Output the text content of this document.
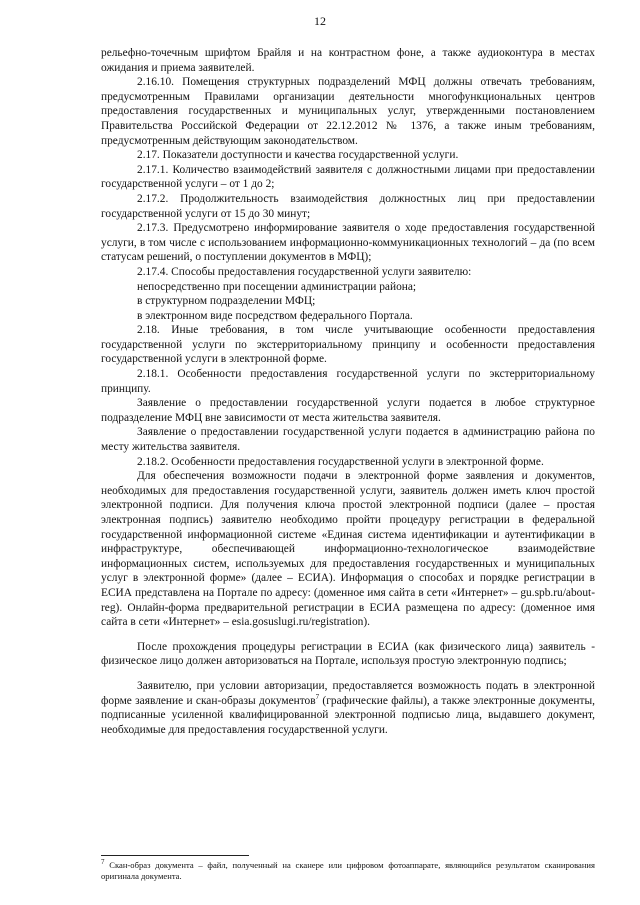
12

рельефно-точечным шрифтом Брайля и на контрастном фоне, а также аудиоконтура в местах ожидания и приема заявителей.

2.16.10. Помещения структурных подразделений МФЦ должны отвечать требованиям, предусмотренным Правилами организации деятельности многофункциональных центров предоставления государственных и муниципальных услуг, утвержденными постановлением Правительства Российской Федерации от 22.12.2012 № 1376, а также иным требованиям, предусмотренным действующим законодательством.

2.17. Показатели доступности и качества государственной услуги.

2.17.1. Количество взаимодействий заявителя с должностными лицами при предоставлении государственной услуги – от 1 до 2;

2.17.2. Продолжительность взаимодействия должностных лиц при предоставлении государственной услуги от 15 до 30 минут;

2.17.3. Предусмотрено информирование заявителя о ходе предоставления государственной услуги, в том числе с использованием информационно-коммуникационных технологий – да (по всем статусам решений, о поступлении документов в МФЦ);

2.17.4. Способы предоставления государственной услуги заявителю:

непосредственно при посещении администрации района;

в структурном подразделении МФЦ;

в электронном виде посредством федерального Портала.

2.18. Иные требования, в том числе учитывающие особенности предоставления государственной услуги по экстерриториальному принципу и особенности предоставления государственной услуги в электронной форме.

2.18.1. Особенности предоставления государственной услуги по экстерриториальному принципу.

Заявление о предоставлении государственной услуги подается в любое структурное подразделение МФЦ вне зависимости от места жительства заявителя.

Заявление о предоставлении государственной услуги подается в администрацию района по месту жительства заявителя.

2.18.2. Особенности предоставления государственной услуги в электронной форме.

Для обеспечения возможности подачи в электронной форме заявления и документов, необходимых для предоставления государственной услуги, заявитель должен иметь ключ простой электронной подписи. Для получения ключа простой электронной подписи (далее – простая электронная подпись) заявителю необходимо пройти процедуру регистрации в федеральной государственной информационной системе «Единая система идентификации и аутентификации в инфраструктуре, обеспечивающей информационно-технологическое взаимодействие информационных систем, используемых для предоставления государственных и муниципальных услуг в электронной форме» (далее – ЕСИА). Информация о способах и порядке регистрации в ЕСИА представлена на Портале по адресу: (доменное имя сайта в сети «Интернет» – gu.spb.ru/about-reg). Онлайн-форма предварительной регистрации в ЕСИА размещена по адресу: (доменное имя сайта в сети «Интернет» – esia.gosuslugi.ru/registration).

После прохождения процедуры регистрации в ЕСИА (как физического лица) заявитель - физическое лицо должен авторизоваться на Портале, используя простую электронную подпись;

Заявителю, при условии авторизации, предоставляется возможность подать в электронной форме заявление и скан-образы документов$^7$ (графические файлы), а также электронные документы, подписанные усиленной квалифицированной электронной подписью лица, выдавшего документ, необходимые для предоставления государственной услуги.

$^7$ Скан-образ документа – файл, полученный на сканере или цифровом фотоаппарате, являющийся результатом сканирования оригинала документа.
